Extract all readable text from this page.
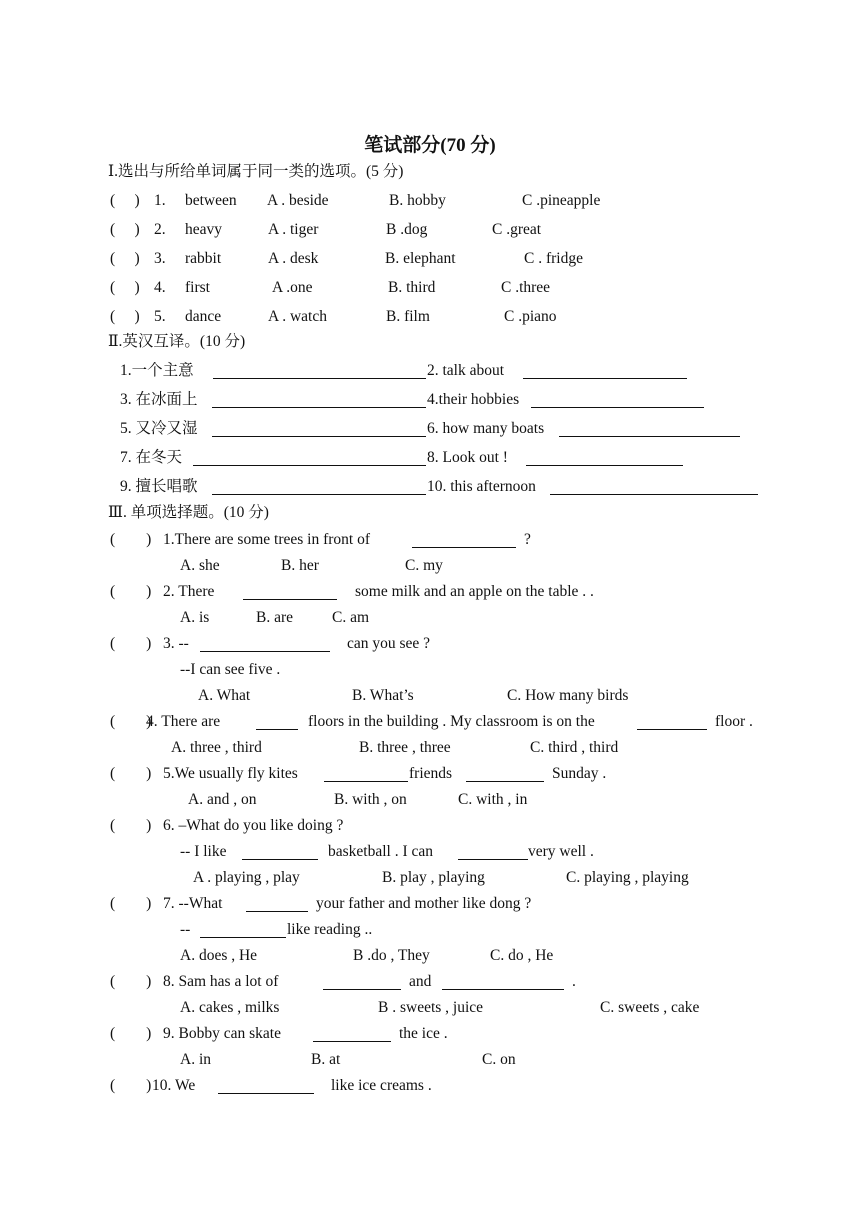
笔试部分(70 分)
Ⅰ.选出与所给单词属于同一类的选项。(5 分)
(　 ) 1. between A . beside	B. hobby	C .pineapple
(　 ) 2. heavy	A . tiger	B .dog	C .great
(　 ) 3. rabbit	A . desk	B. elephant	C . fridge
(　 ) 4. first	A .one	B. third	C .three
(　 ) 5. dance	A . watch	B. film	C .piano
Ⅱ.英汉互译。(10 分)
1.一个主意	2. talk about
3. 在冰面上	4.their hobbies
5. 又冷又湿	6. how many boats
7. 在冬天	8. Look out !
9. 擅长唱歌	10. this afternoon
Ⅲ. 单项选择题。(10 分)
(　　) 1.There are some trees in front of	?
A. she	B. her	C. my
(　　) 2. There	some milk and an apple on the table . .
A. is	B. are	C. am
(　　) 3. --	can you see ?
--I can see five .
A. What	B. What’s	C. How many birds
(　　)
4. There are	floors in the building . My classroom is on the	floor .
A. three , third	B. three , three	C. third , third
(　　) 5.We usually fly kites	friends	Sunday .
A. and , on	B. with , on	C. with , in
(　　) 6. –What do you like doing ?
-- I like	basketball . I can	very well .
A . playing , play	B. play , playing	C. playing , playing
(　　) 7. --What	your father and mother like dong ?
--	like reading ..
A. does , He	B .do , They	C. do , He
(　　) 8. Sam has a lot of	and	.
A. cakes , milks	B . sweets , juice	C. sweets , cake
(　　) 9. Bobby can skate	the ice .
A. in	B. at	C. on
(　　) 10. We	like ice creams .
